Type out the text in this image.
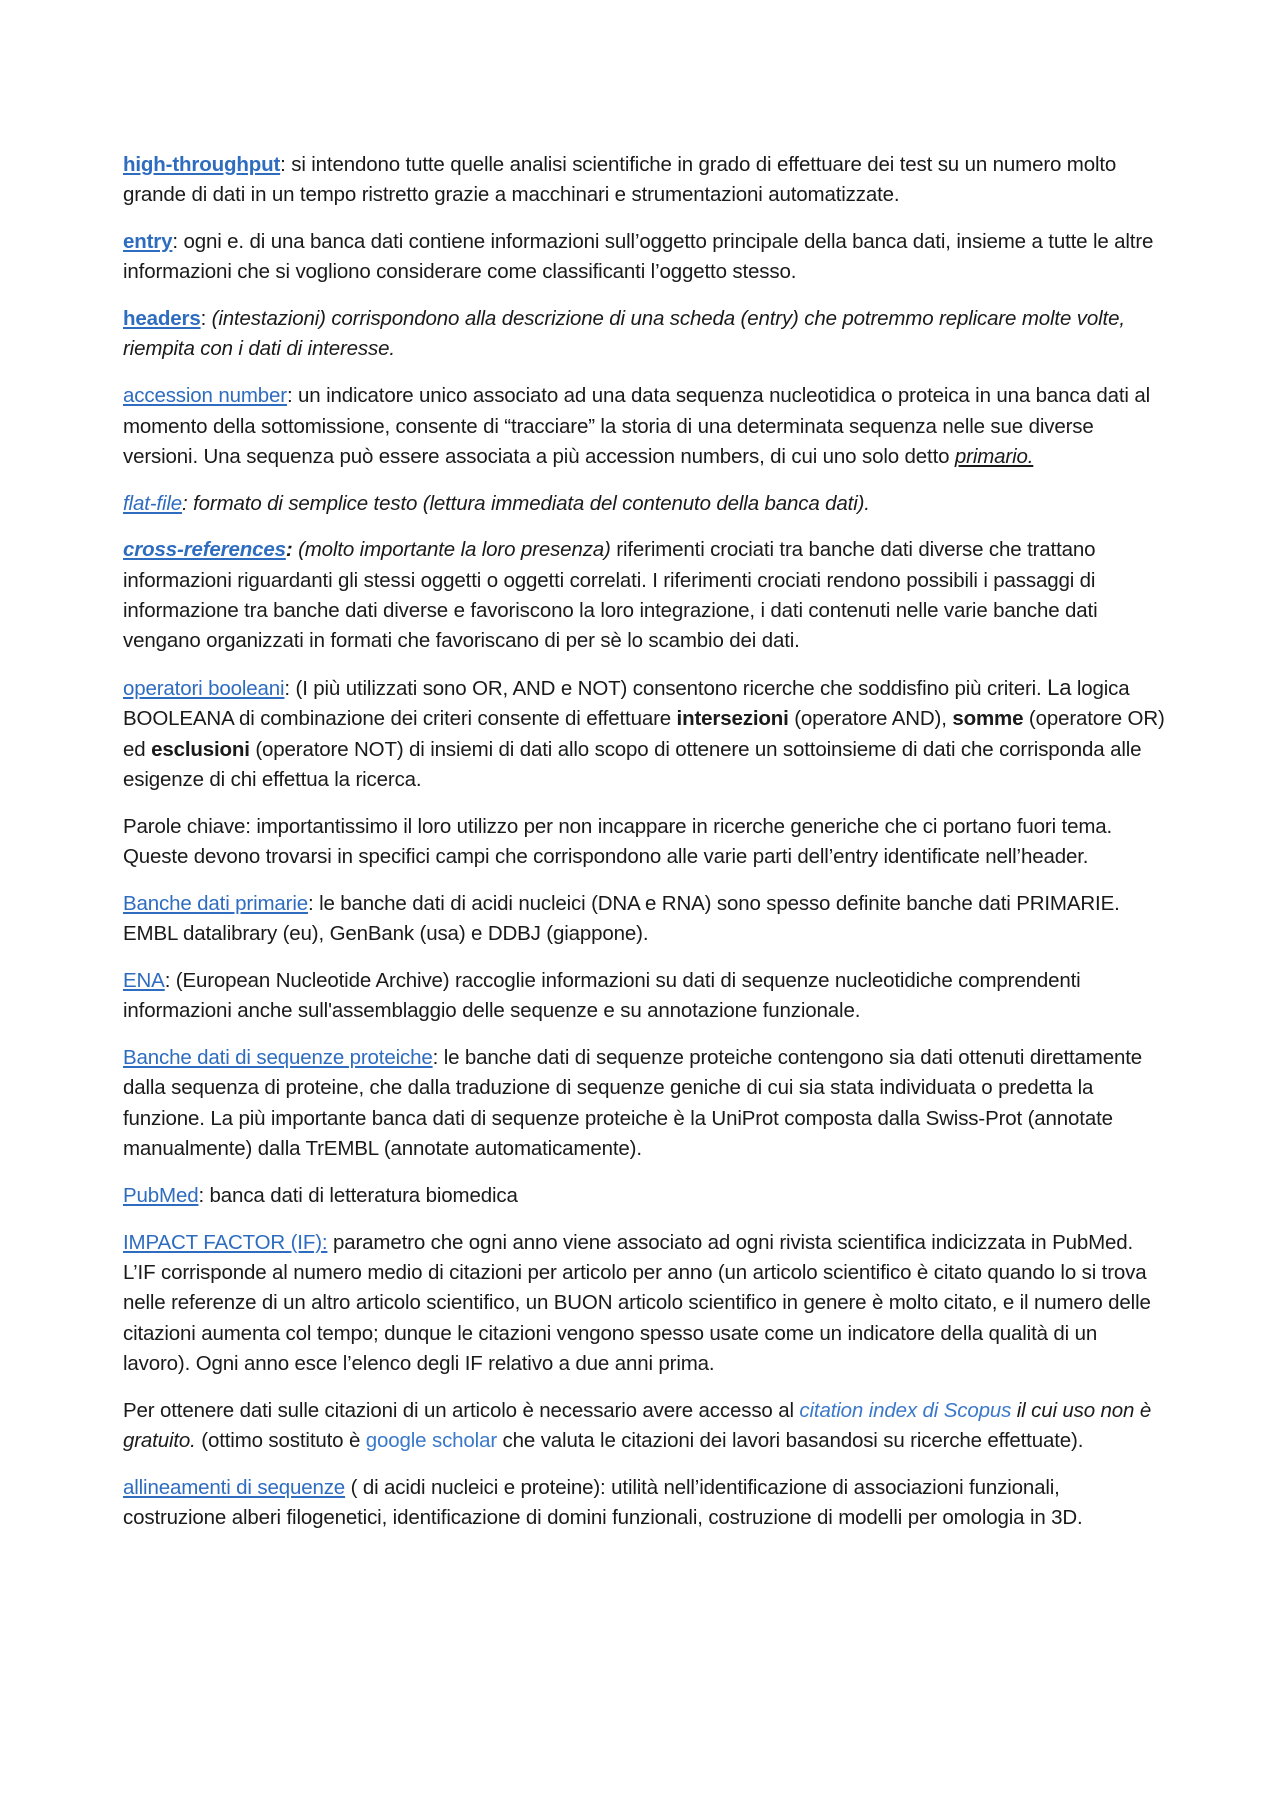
high-throughput: si intendono tutte quelle analisi scientifiche in grado di effettuare dei test su un numero molto grande di dati in un tempo ristretto grazie a macchinari e strumentazioni automatizzate.

entry: ogni e. di una banca dati contiene informazioni sull’oggetto principale della banca dati, insieme a tutte le altre informazioni che si vogliono considerare come classificanti l’oggetto stesso.

headers: (intestazioni) corrispondono alla descrizione di una scheda (entry) che potremmo replicare molte volte, riempita con i dati di interesse.

accession number: un indicatore unico associato ad una data sequenza nucleotidica o proteica in una banca dati al momento della sottomissione, consente di “tracciare” la storia di una determinata sequenza nelle sue diverse versioni. Una sequenza può essere associata a più accession numbers, di cui uno solo detto primario.

flat-file: formato di semplice testo (lettura immediata del contenuto della banca dati).

cross-references: (molto importante la loro presenza) riferimenti crociati tra banche dati diverse che trattano informazioni riguardanti gli stessi oggetti o oggetti correlati. I riferimenti crociati rendono possibili i passaggi di informazione tra banche dati diverse e favoriscono la loro integrazione, i dati contenuti nelle varie banche dati vengano organizzati in formati che favoriscano di per sè lo scambio dei dati.

operatori booleani: (I più utilizzati sono OR, AND e NOT) consentono ricerche che soddisfino più criteri. La logica BOOLEANA di combinazione dei criteri consente di effettuare intersezioni (operatore AND), somme (operatore OR) ed esclusioni (operatore NOT) di insiemi di dati allo scopo di ottenere un sottoinsieme di dati che corrisponda alle esigenze di chi effettua la ricerca.

Parole chiave: importantissimo il loro utilizzo per non incappare in ricerche generiche che ci portano fuori tema. Queste devono trovarsi in specifici campi che corrispondono alle varie parti dell’entry identificate nell’header.

Banche dati primarie: le banche dati di acidi nucleici (DNA e RNA) sono spesso definite banche dati PRIMARIE. EMBL datalibrary (eu), GenBank (usa) e DDBJ (giappone).

ENA: (European Nucleotide Archive) raccoglie informazioni su dati di sequenze nucleotidiche comprendenti informazioni anche sull'assemblaggio delle sequenze e su annotazione funzionale.

Banche dati di sequenze proteiche: le banche dati di sequenze proteiche contengono sia dati ottenuti direttamente dalla sequenza di proteine, che dalla traduzione di sequenze geniche di cui sia stata individuata o predetta la funzione. La più importante banca dati di sequenze proteiche è la UniProt composta dalla Swiss-Prot (annotate manualmente) dalla TrEMBL (annotate automaticamente).

PubMed: banca dati di letteratura biomedica

IMPACT FACTOR (IF): parametro che ogni anno viene associato ad ogni rivista scientifica indicizzata in PubMed. L’IF corrisponde al numero medio di citazioni per articolo per anno (un articolo scientifico è citato quando lo si trova nelle referenze di un altro articolo scientifico, un BUON articolo scientifico in genere è molto citato, e il numero delle citazioni aumenta col tempo; dunque le citazioni vengono spesso usate come un indicatore della qualità di un lavoro). Ogni anno esce l’elenco degli IF relativo a due anni prima.

Per ottenere dati sulle citazioni di un articolo è necessario avere accesso al citation index di Scopus il cui uso non è gratuito. (ottimo sostituto è google scholar che valuta le citazioni dei lavori basandosi su ricerche effettuate).

allineamenti di sequenze ( di acidi nucleici e proteine): utilità nell’identificazione di associazioni funzionali, costruzione alberi filogenetici, identificazione di domini funzionali, costruzione di modelli per omologia in 3D.
